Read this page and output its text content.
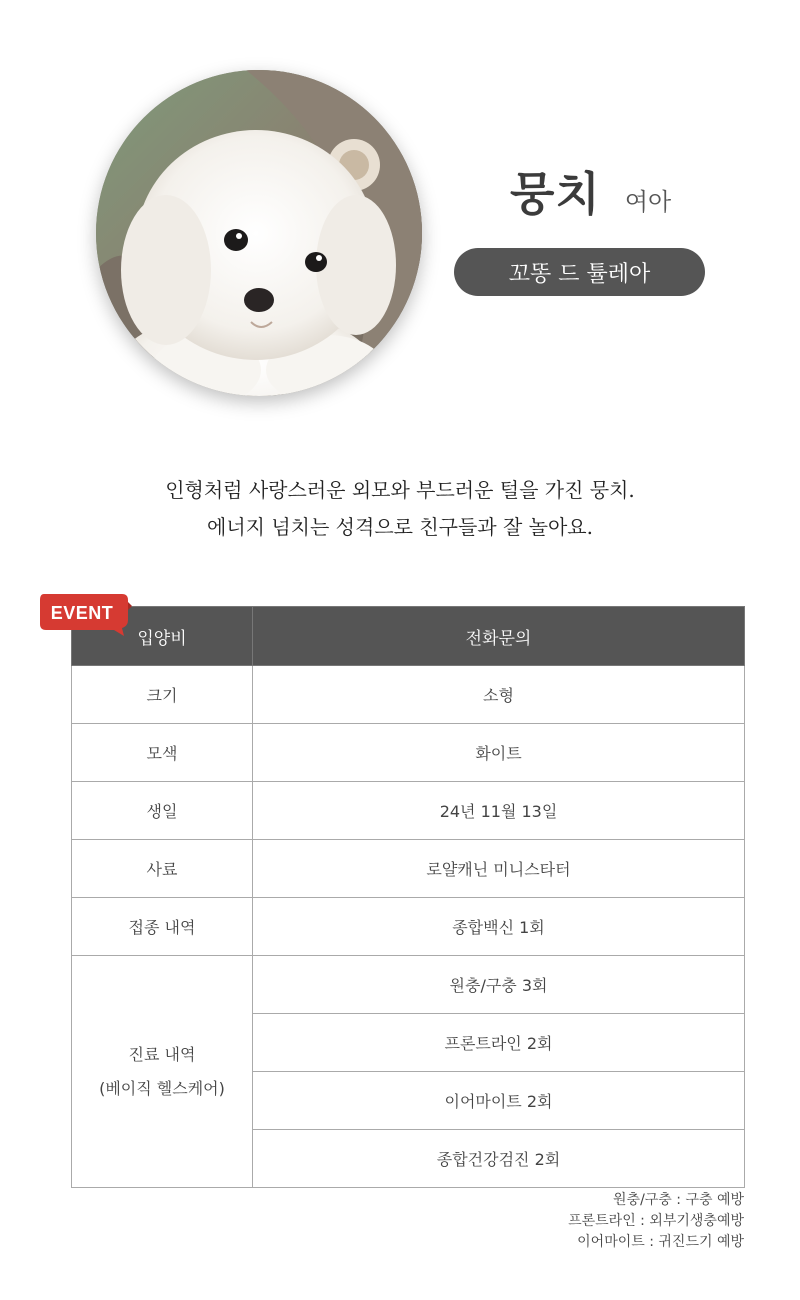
뭉치 여아
꼬똥 드 튤레아
인형처럼 사랑스러운 외모와 부드러운 털을 가진 뭉치.
에너지 넘치는 성격으로 친구들과 잘 놀아요.
입양비	전화문의
크기	소형
모색	화이트
생일	24년 11월 13일
사료	로얄캐닌 미니스타터
접종 내역	종합백신 1회

진료 내역
(베이직 헬스케어)	원충/구충 3회
	프론트라인 2회
	이어마이트 2회
	종합건강검진 2회
EVENT
원충/구충 : 구충 예방
프론트라인 : 외부기생충예방
이어마이트 : 귀진드기 예방
